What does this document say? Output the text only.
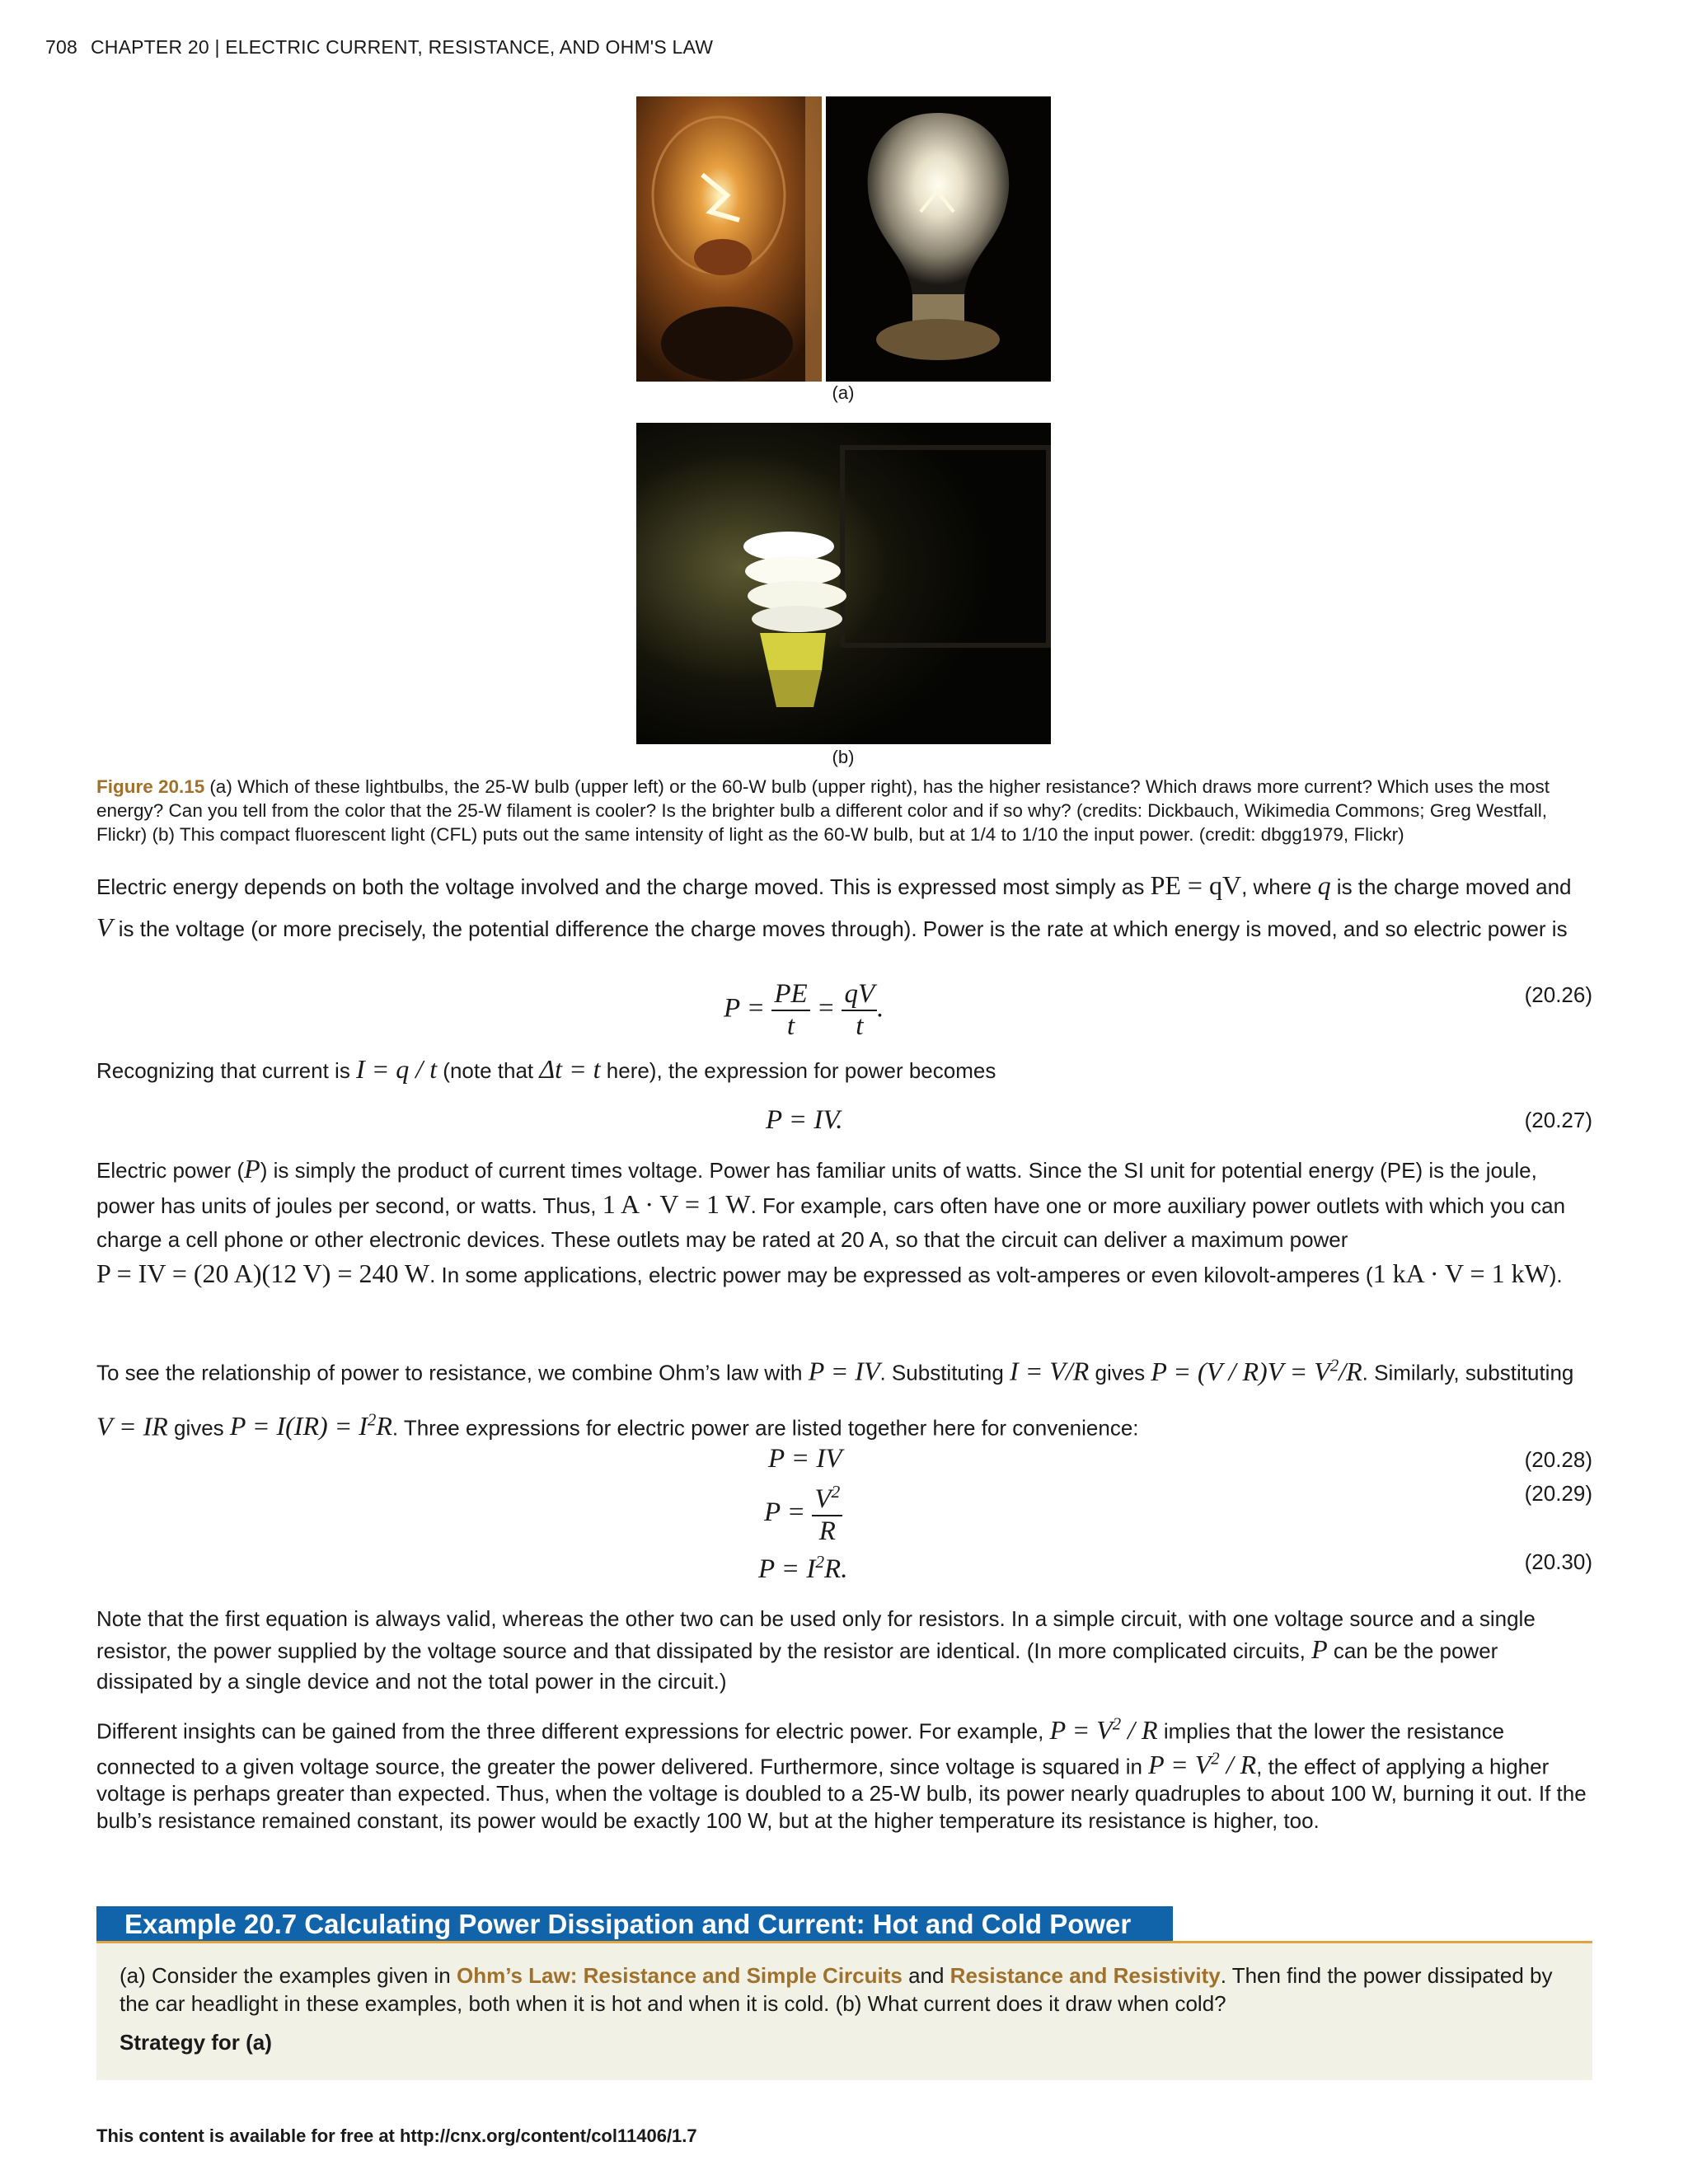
708 CHAPTER 20 | ELECTRIC CURRENT, RESISTANCE, AND OHM'S LAW
(a)
(b)
Figure 20.15 (a) Which of these lightbulbs, the 25-W bulb (upper left) or the 60-W bulb (upper right), has the higher resistance? Which draws more current? Which uses the most energy? Can you tell from the color that the 25-W filament is cooler? Is the brighter bulb a different color and if so why? (credits: Dickbauch, Wikimedia Commons; Greg Westfall, Flickr) (b) This compact fluorescent light (CFL) puts out the same intensity of light as the 60-W bulb, but at 1/4 to 1/10 the input power. (credit: dbgg1979, Flickr)
Electric energy depends on both the voltage involved and the charge moved. This is expressed most simply as PE = qV, where q is the charge moved and V is the voltage (or more precisely, the potential difference the charge moves through). Power is the rate at which energy is moved, and so electric power is
$P = \frac{PE}{t} = \frac{qV}{t}$ .	(20.26)
Recognizing that current is I = q / t (note that Δt = t here), the expression for power becomes
P = IV.	(20.27)
Electric power (P) is simply the product of current times voltage. Power has familiar units of watts. Since the SI unit for potential energy (PE) is the joule, power has units of joules per second, or watts. Thus, 1 A · V = 1 W. For example, cars often have one or more auxiliary power outlets with which you can charge a cell phone or other electronic devices. These outlets may be rated at 20 A, so that the circuit can deliver a maximum power P = IV = (20 A)(12 V) = 240 W. In some applications, electric power may be expressed as volt-amperes or even kilovolt-amperes (1 kA · V = 1 kW).
To see the relationship of power to resistance, we combine Ohm’s law with P = IV. Substituting I = V/R gives $P = (V / R)V = V^2/R$. Similarly, substituting V = IR gives $P = I(IR) = I^2R$. Three expressions for electric power are listed together here for convenience:
P = IV	(20.28)
$P = \frac{V^2}{R}$	(20.29)
$P = I^2R$.	(20.30)
Note that the first equation is always valid, whereas the other two can be used only for resistors. In a simple circuit, with one voltage source and a single resistor, the power supplied by the voltage source and that dissipated by the resistor are identical. (In more complicated circuits, P can be the power dissipated by a single device and not the total power in the circuit.)
Different insights can be gained from the three different expressions for electric power. For example, $P = V^2 / R$ implies that the lower the resistance connected to a given voltage source, the greater the power delivered. Furthermore, since voltage is squared in $P = V^2 / R$, the effect of applying a higher voltage is perhaps greater than expected. Thus, when the voltage is doubled to a 25-W bulb, its power nearly quadruples to about 100 W, burning it out. If the bulb’s resistance remained constant, its power would be exactly 100 W, but at the higher temperature its resistance is higher, too.
Example 20.7 Calculating Power Dissipation and Current: Hot and Cold Power
(a) Consider the examples given in Ohm’s Law: Resistance and Simple Circuits and Resistance and Resistivity. Then find the power dissipated by the car headlight in these examples, both when it is hot and when it is cold. (b) What current does it draw when cold?
Strategy for (a)
This content is available for free at http://cnx.org/content/col11406/1.7
